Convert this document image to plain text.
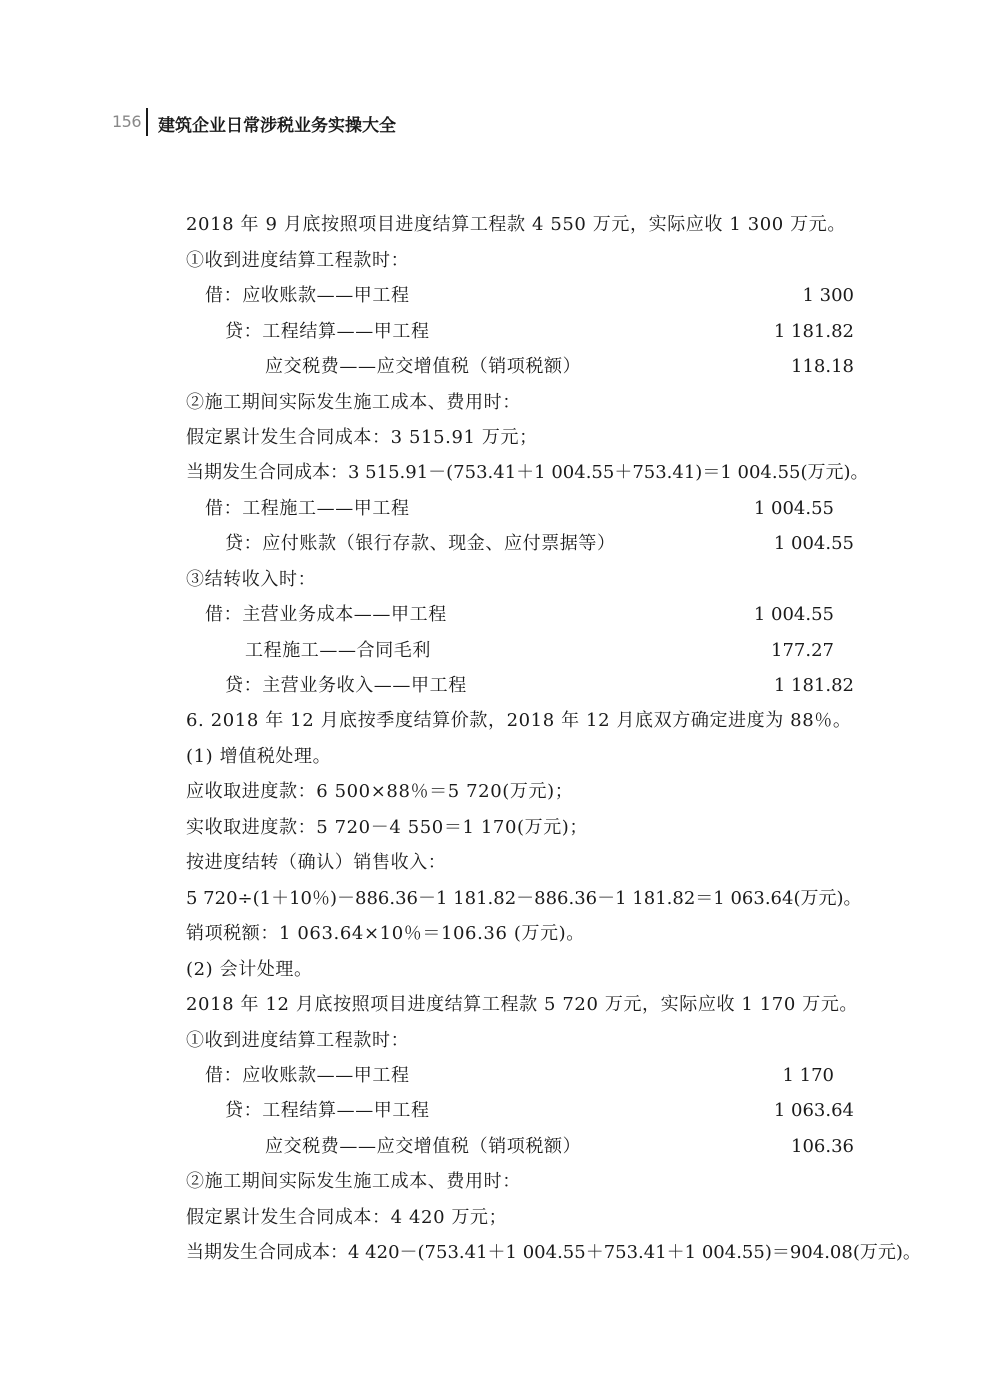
156 建筑企业日常涉税业务实操大全
2018 年 9 月底按照项目进度结算工程款 4 550 万元，实际应收 1 300 万元。
①收到进度结算工程款时：
借：应收账款——甲工程	1 300
贷：工程结算——甲工程	1 181.82
应交税费——应交增值税（销项税额）	118.18
②施工期间实际发生施工成本、费用时：
假定累计发生合同成本：3 515.91 万元；
当期发生合同成本：3 515.91－(753.41＋1 004.55＋753.41)＝1 004.55(万元)。
借：工程施工——甲工程	1 004.55
贷：应付账款（银行存款、现金、应付票据等）	1 004.55
③结转收入时：
借：主营业务成本——甲工程	1 004.55
工程施工——合同毛利	177.27
贷：主营业务收入——甲工程	1 181.82
6. 2018 年 12 月底按季度结算价款，2018 年 12 月底双方确定进度为 88％。
(1) 增值税处理。
应收取进度款：6 500×88％＝5 720(万元)；
实收取进度款：5 720－4 550＝1 170(万元)；
按进度结转（确认）销售收入：
5 720÷(1＋10％)－886.36－1 181.82－886.36－1 181.82＝1 063.64(万元)。
销项税额：1 063.64×10％＝106.36 (万元)。
(2) 会计处理。
2018 年 12 月底按照项目进度结算工程款 5 720 万元，实际应收 1 170 万元。
①收到进度结算工程款时：
借：应收账款——甲工程	1 170
贷：工程结算——甲工程	1 063.64
应交税费——应交增值税（销项税额）	106.36
②施工期间实际发生施工成本、费用时：
假定累计发生合同成本：4 420 万元；
当期发生合同成本：4 420－(753.41＋1 004.55＋753.41＋1 004.55)＝904.08(万元)。
